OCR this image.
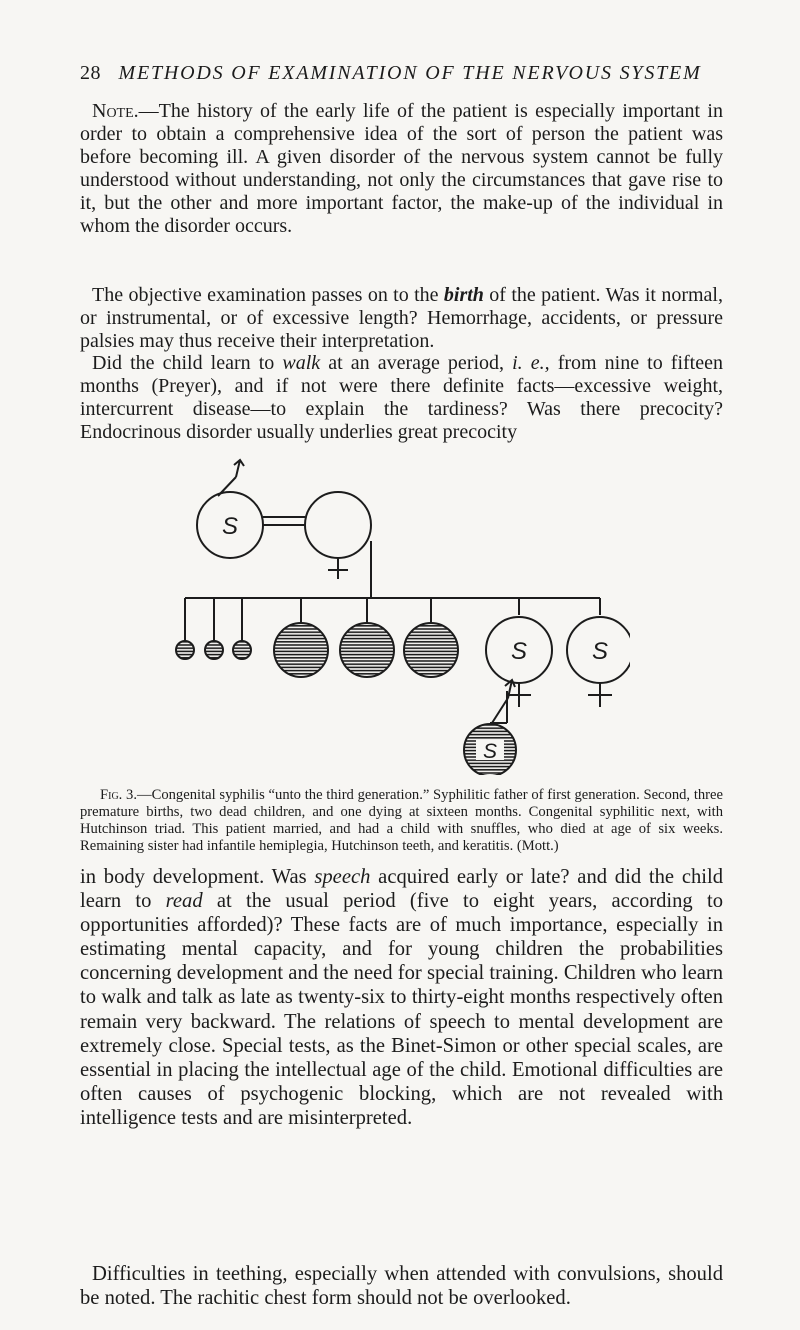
28 METHODS OF EXAMINATION OF THE NERVOUS SYSTEM

Note.—The history of the early life of the patient is especially important in order to obtain a comprehensive idea of the sort of person the patient was before becoming ill. A given disorder of the nervous system cannot be fully understood without understanding, not only the circumstances that gave rise to it, but the other and more important factor, the make-up of the individual in whom the disorder occurs.

The objective examination passes on to the birth of the patient. Was it normal, or instrumental, or of excessive length? Hemorrhage, accidents, or pressure palsies may thus receive their interpretation.

Did the child learn to walk at an average period, i. e., from nine to fifteen months (Preyer), and if not were there definite facts—excessive weight, intercurrent disease—to explain the tardiness? Was there precocity? Endocrinous disorder usually underlies great precocity

S
S	S
S

Fig. 3.—Congenital syphilis “unto the third generation.” Syphilitic father of first generation. Second, three premature births, two dead children, and one dying at sixteen months. Congenital syphilitic next, with Hutchinson triad. This patient married, and had a child with snuffles, who died at age of six weeks. Remaining sister had infantile hemiplegia, Hutchinson teeth, and keratitis. (Mott.)

in body development. Was speech acquired early or late? and did the child learn to read at the usual period (five to eight years, according to opportunities afforded)? These facts are of much importance, especially in estimating mental capacity, and for young children the probabilities concerning development and the need for special training. Children who learn to walk and talk as late as twenty-six to thirty-eight months respectively often remain very backward. The relations of speech to mental development are extremely close. Special tests, as the Binet-Simon or other special scales, are essential in placing the intellectual age of the child. Emotional difficulties are often causes of psychogenic blocking, which are not revealed with intelligence tests and are misinterpreted.

Difficulties in teething, especially when attended with convulsions, should be noted. The rachitic chest form should not be overlooked.
